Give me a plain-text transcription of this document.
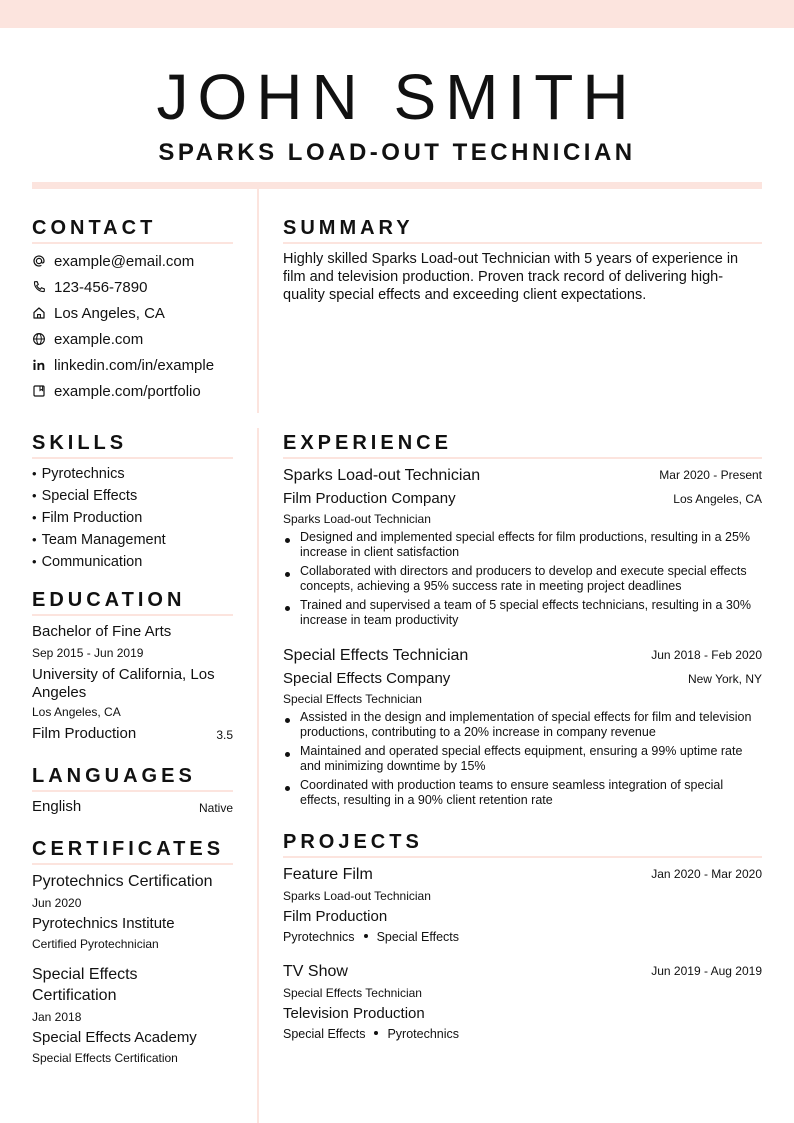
JOHN SMITH
SPARKS LOAD-OUT TECHNICIAN
CONTACT
example@email.com
123-456-7890
Los Angeles, CA
example.com
linkedin.com/in/example
example.com/portfolio
SUMMARY

Highly skilled Sparks Load-out Technician with 5 years of experience in film and television production. Proven track record of delivering high-quality special effects and exceeding client expectations.

SKILLS
• Pyrotechnics
• Special Effects
• Film Production
• Team Management
• Communication
EDUCATION
Bachelor of Fine Arts
Sep 2015 - Jun 2019
University of California, Los Angeles
Los Angeles, CA
Film Production	3.5
LANGUAGES
English	Native
CERTIFICATES
Pyrotechnics Certification
Jun 2020
Pyrotechnics Institute
Certified Pyrotechnician
Special Effects Certification
Jan 2018
Special Effects Academy
Special Effects Certification
EXPERIENCE
Sparks Load-out Technician	Mar 2020 - Present
Film Production Company	Los Angeles, CA
Sparks Load-out Technician
Designed and implemented special effects for film productions, resulting in a 25% increase in client satisfaction
Collaborated with directors and producers to develop and execute special effects concepts, achieving a 95% success rate in meeting project deadlines
Trained and supervised a team of 5 special effects technicians, resulting in a 30% increase in team productivity
Special Effects Technician	Jun 2018 - Feb 2020
Special Effects Company	New York, NY
Special Effects Technician
Assisted in the design and implementation of special effects for film and television productions, contributing to a 20% increase in company revenue
Maintained and operated special effects equipment, ensuring a 99% uptime rate and minimizing downtime by 15%
Coordinated with production teams to ensure seamless integration of special effects, resulting in a 90% client retention rate
PROJECTS
Feature Film	Jan 2020 - Mar 2020
Sparks Load-out Technician
Film Production
Pyrotechnics Special Effects
TV Show	Jun 2019 - Aug 2019
Special Effects Technician
Television Production
Special Effects Pyrotechnics
